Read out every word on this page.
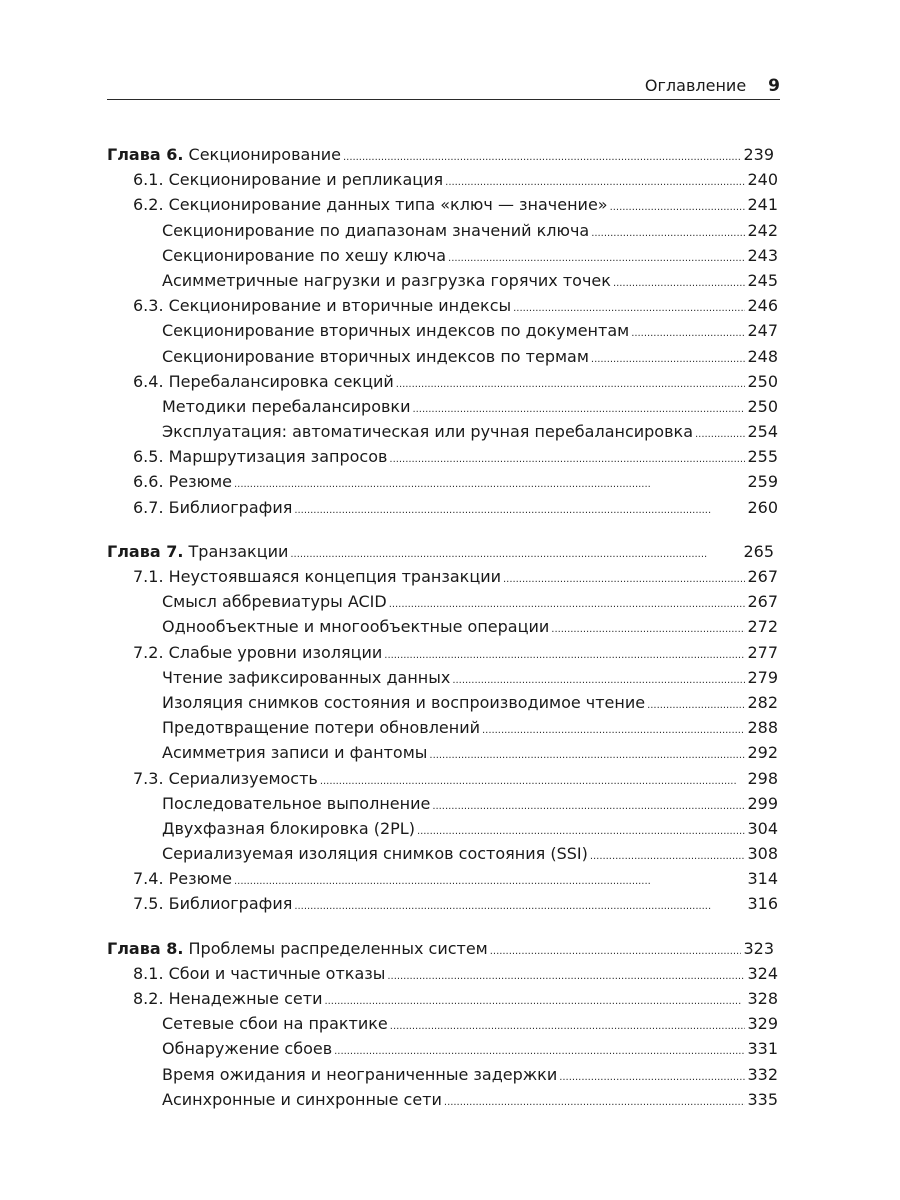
Оглавление 9
Глава 6. Секционирование . . .	239
6.1. Секционирование и репликация . . .	240
6.2. Секционирование данных типа «ключ — значение» . . .	241
Секционирование по диапазонам значений ключа . . .	242
Секционирование по хешу ключа . . .	243
Асимметричные нагрузки и разгрузка горячих точек . . .	245
6.3. Секционирование и вторичные индексы . . .	246
Секционирование вторичных индексов по документам . . .	247
Секционирование вторичных индексов по термам . . .	248
6.4. Перебалансировка секций . . .	250
Методики перебалансировки . . .	250
Эксплуатация: автоматическая или ручная перебалансировка . . .	254
6.5. Маршрутизация запросов . . .	255
6.6. Резюме . . .	259
6.7. Библиография . . .	260
Глава 7. Транзакции . . .	265
7.1. Неустоявшаяся концепция транзакции . . .	267
Смысл аббревиатуры ACID . . .	267
Однообъектные и многообъектные операции . . .	272
7.2. Слабые уровни изоляции . . .	277
Чтение зафиксированных данных . . .	279
Изоляция снимков состояния и воспроизводимое чтение . . .	282
Предотвращение потери обновлений . . .	288
Асимметрия записи и фантомы . . .	292
7.3. Сериализуемость . . .	298
Последовательное выполнение . . .	299
Двухфазная блокировка (2PL) . . .	304
Сериализуемая изоляция снимков состояния (SSI) . . .	308
7.4. Резюме . . .	314
7.5. Библиография . . .	316
Глава 8. Проблемы распределенных систем . . .	323
8.1. Сбои и частичные отказы . . .	324
8.2. Ненадежные сети . . .	328
Сетевые сбои на практике . . .	329
Обнаружение сбоев . . .	331
Время ожидания и неограниченные задержки . . .	332
Асинхронные и синхронные сети . . .	335
